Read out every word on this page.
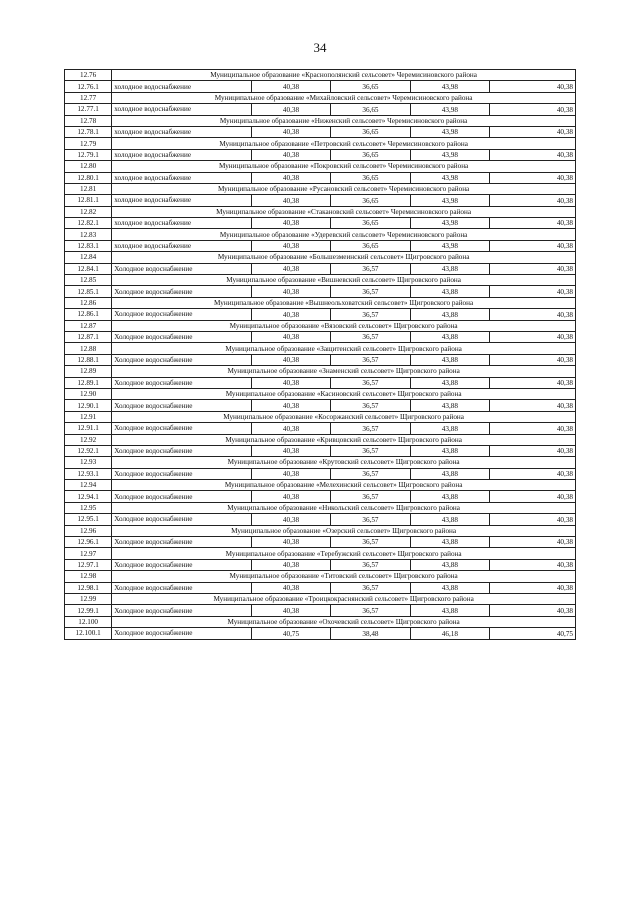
34
12.76	Муниципальное образование «Краснополянский сельсовет» Черемисиновского района				
12.76.1	холодное водоснабжение	40,38	36,65	43,98	40,38
12.77	Муниципальное образование «Михайловский сельсовет» Черемисиновского района				
12.77.1	холодное водоснабжение	40,38	36,65	43,98	40,38
12.78	Муниципальное образование «Ниженский сельсовет» Черемисиновского района				
12.78.1	холодное водоснабжение	40,38	36,65	43,98	40,38
12.79	Муниципальное образование «Петровский сельсовет» Черемисиновского района				
12.79.1	холодное водоснабжение	40,38	36,65	43,98	40,38
12.80	Муниципальное образование «Покровский сельсовет» Черемисиновского района				
12.80.1	холодное водоснабжение	40,38	36,65	43,98	40,38
12.81	Муниципальное образование «Русановский сельсовет» Черемисиновского района				
12.81.1	холодное водоснабжение	40,38	36,65	43,98	40,38
12.82	Муниципальное образование «Стакановский сельсовет» Черемисиновского района				
12.82.1	холодное водоснабжение	40,38	36,65	43,98	40,38
12.83	Муниципальное образование «Удеревский сельсовет» Черемисиновского района				
12.83.1	холодное водоснабжение	40,38	36,65	43,98	40,38
12.84	Муниципальное образование «Большезмеинский сельсовет» Щигровского района				
12.84.1	Холодное водоснабжение	40,38	36,57	43,88	40,38
12.85	Муниципальное образование «Вишневский сельсовет» Щигровского района				
12.85.1	Холодное водоснабжение	40,38	36,57	43,88	40,38
12.86	Муниципальное образование «Вышнеольховатский сельсовет» Щигровского района				
12.86.1	Холодное водоснабжение	40,38	36,57	43,88	40,38
12.87	Муниципальное образование «Вязовский сельсовет» Щигровского района				
12.87.1	Холодное водоснабжение	40,38	36,57	43,88	40,38
12.88	Муниципальное образование «Защитенский сельсовет» Щигровского района				
12.88.1	Холодное водоснабжение	40,38	36,57	43,88	40,38
12.89	Муниципальное образование «Знаменский сельсовет» Щигровского района				
12.89.1	Холодное водоснабжение	40,38	36,57	43,88	40,38
12.90	Муниципальное образование «Касиновский сельсовет» Щигровского района				
12.90.1	Холодное водоснабжение	40,38	36,57	43,88	40,38
12.91	Муниципальное образование «Косоржанский сельсовет» Щигровского района				
12.91.1	Холодное водоснабжение	40,38	36,57	43,88	40,38
12.92	Муниципальное образование «Кривцовский сельсовет» Щигровского района				
12.92.1	Холодное водоснабжение	40,38	36,57	43,88	40,38
12.93	Муниципальное образование «Крутовский сельсовет» Щигровского района				
12.93.1	Холодное водоснабжение	40,38	36,57	43,88	40,38
12.94	Муниципальное образование «Мелехинский сельсовет» Щигровского района				
12.94.1	Холодное водоснабжение	40,38	36,57	43,88	40,38
12.95	Муниципальное образование «Никольский сельсовет» Щигровского района				
12.95.1	Холодное водоснабжение	40,38	36,57	43,88	40,38
12.96	Муниципальное образование «Озерский сельсовет» Щигровского района				
12.96.1	Холодное водоснабжение	40,38	36,57	43,88	40,38
12.97	Муниципальное образование «Теребужский сельсовет» Щигровского района				
12.97.1	Холодное водоснабжение	40,38	36,57	43,88	40,38
12.98	Муниципальное образование «Титовский сельсовет» Щигровского района				
12.98.1	Холодное водоснабжение	40,38	36,57	43,88	40,38
12.99	Муниципальное образование «Троицкокраснянский сельсовет» Щигровского района				
12.99.1	Холодное водоснабжение	40,38	36,57	43,88	40,38
12.100	Муниципальное образование «Охочевский сельсовет» Щигровского района				
12.100.1	Холодное водоснабжение	40,75	38,48	46,18	40,75
